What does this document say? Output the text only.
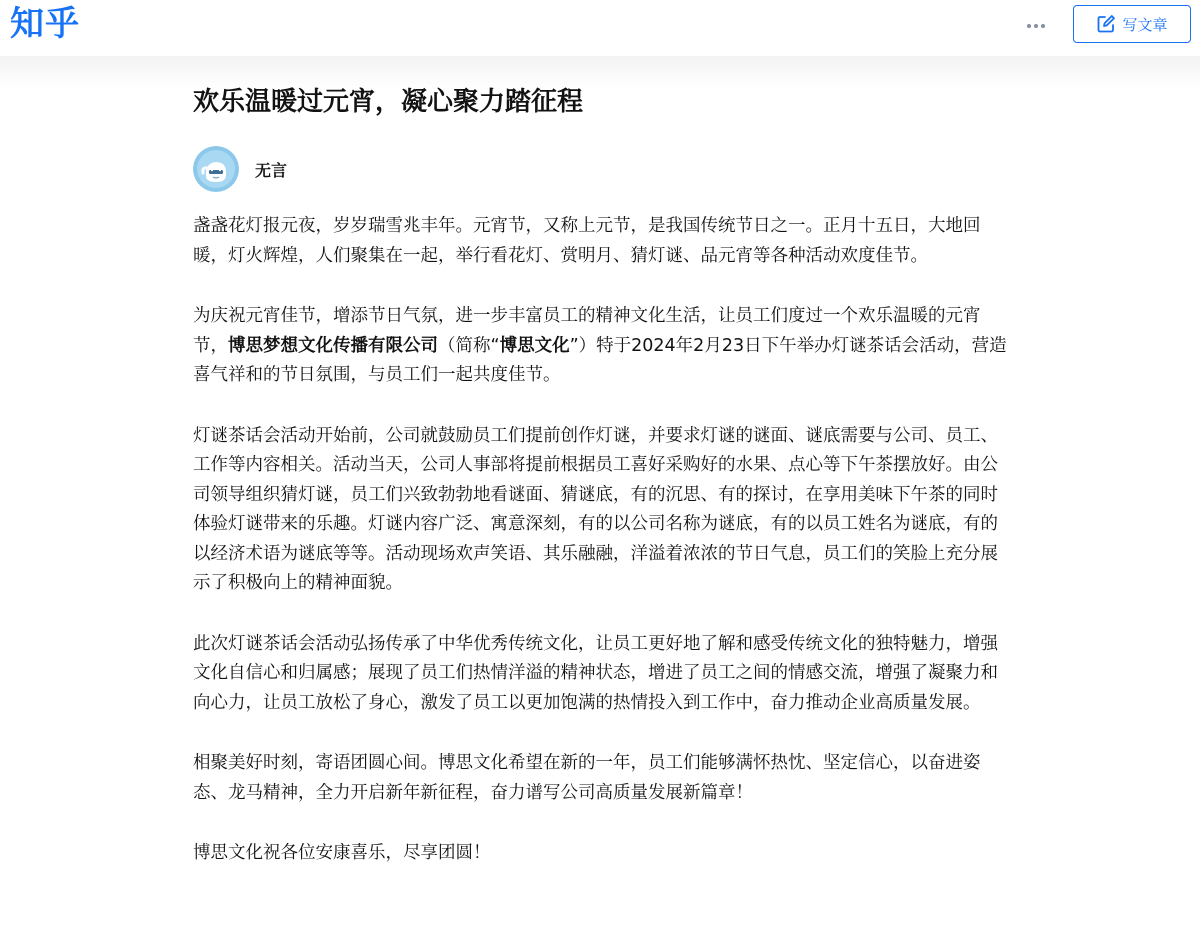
知乎	写文章
欢乐温暖过元宵，凝心聚力踏征程
无言

盏盏花灯报元夜，岁岁瑞雪兆丰年。元宵节，又称上元节，是我国传统节日之一。正月十五日，大地回暖，灯火辉煌，人们聚集在一起，举行看花灯、赏明月、猜灯谜、品元宵等各种活动欢度佳节。

为庆祝元宵佳节，增添节日气氛，进一步丰富员工的精神文化生活，让员工们度过一个欢乐温暖的元宵节，博思梦想文化传播有限公司（简称“博思文化”）特于2024年2月23日下午举办灯谜茶话会活动，营造喜气祥和的节日氛围，与员工们一起共度佳节。

灯谜茶话会活动开始前，公司就鼓励员工们提前创作灯谜，并要求灯谜的谜面、谜底需要与公司、员工、工作等内容相关。活动当天，公司人事部将提前根据员工喜好采购好的水果、点心等下午茶摆放好。由公司领导组织猜灯谜，员工们兴致勃勃地看谜面、猜谜底，有的沉思、有的探讨，在享用美味下午茶的同时体验灯谜带来的乐趣。灯谜内容广泛、寓意深刻，有的以公司名称为谜底，有的以员工姓名为谜底，有的以经济术语为谜底等等。活动现场欢声笑语、其乐融融，洋溢着浓浓的节日气息，员工们的笑脸上充分展示了积极向上的精神面貌。

此次灯谜茶话会活动弘扬传承了中华优秀传统文化，让员工更好地了解和感受传统文化的独特魅力，增强文化自信心和归属感；展现了员工们热情洋溢的精神状态，增进了员工之间的情感交流，增强了凝聚力和向心力，让员工放松了身心，激发了员工以更加饱满的热情投入到工作中，奋力推动企业高质量发展。

相聚美好时刻，寄语团圆心间。博思文化希望在新的一年，员工们能够满怀热忱、坚定信心，以奋进姿态、龙马精神，全力开启新年新征程，奋力谱写公司高质量发展新篇章！

博思文化祝各位安康喜乐，尽享团圆！
